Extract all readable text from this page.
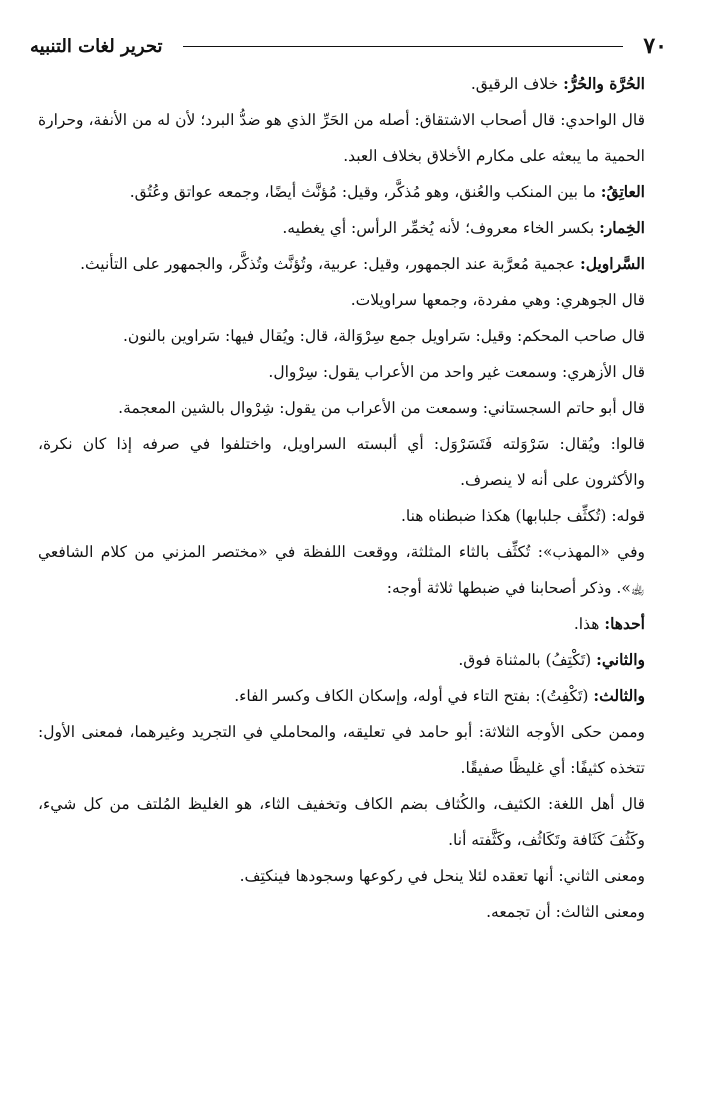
٧٠
تحرير لغات التنبيه

الحُرَّة والحُرُّ: خلاف الرقيق.

قال الواحدي: قال أصحاب الاشتقاق: أصله من الحَرِّ الذي هو ضدُّ البرد؛ لأن له من الأنفة، وحرارة الحمية ما يبعثه على مكارم الأخلاق بخلاف العبد.

العاتِقُ: ما بين المنكب والعُنق، وهو مُذكَّر، وقيل: مُؤنَّث أيضًا، وجمعه عواتق وعُتُق.

الخِمار: بكسر الخاء معروف؛ لأنه يُخمِّر الرأس: أي يغطيه.

السَّراويل: عجمية مُعرَّبة عند الجمهور، وقيل: عربية، وتُؤنَّث وتُذكَّر، والجمهور على التأنيث.

قال الجوهري: وهي مفردة، وجمعها سراويلات.

قال صاحب المحكم: وقيل: سَراويل جمع سِرْوَالة، قال: ويُقال فيها: سَراوين بالنون.

قال الأزهري: وسمعت غير واحد من الأعراب يقول: سِرْوال.

قال أبو حاتم السجستاني: وسمعت من الأعراب من يقول: شِرْوال بالشين المعجمة.

قالوا: ويُقال: سَرْوَلته فَتَسَرْوَل: أي ألبسته السراويل، واختلفوا في صرفه إذا كان نكرة، والأكثرون على أنه لا ينصرف.

قوله: (تُكثِّف جلبابها) هكذا ضبطناه هنا.

وفي «المهذب»: تُكثِّف بالثاء المثلثة، ووقعت اللفظة في «مختصر المزني من كلام الشافعي ﵀». وذكر أصحابنا في ضبطها ثلاثة أوجه:

أحدها: هذا.

والثاني: (تَكْتِفُ) بالمثناة فوق.

والثالث: (تَكْفِتُ): بفتح التاء في أوله، وإسكان الكاف وكسر الفاء.

وممن حكى الأوجه الثلاثة: أبو حامد في تعليقه، والمحاملي في التجريد وغيرهما، فمعنى الأول: تتخذه كثيفًا: أي غليظًا صفيقًا.

قال أهل اللغة: الكثيف، والكُثاف بضم الكاف وتخفيف الثاء، هو الغليظ المُلتف من كل شيء، وكَثُفَ كَثَافة وتَكَاثُف، وكَثَّفته أنا.

ومعنى الثاني: أنها تعقده لئلا ينحل في ركوعها وسجودها فينكتِف.

ومعنى الثالث: أن تجمعه.
